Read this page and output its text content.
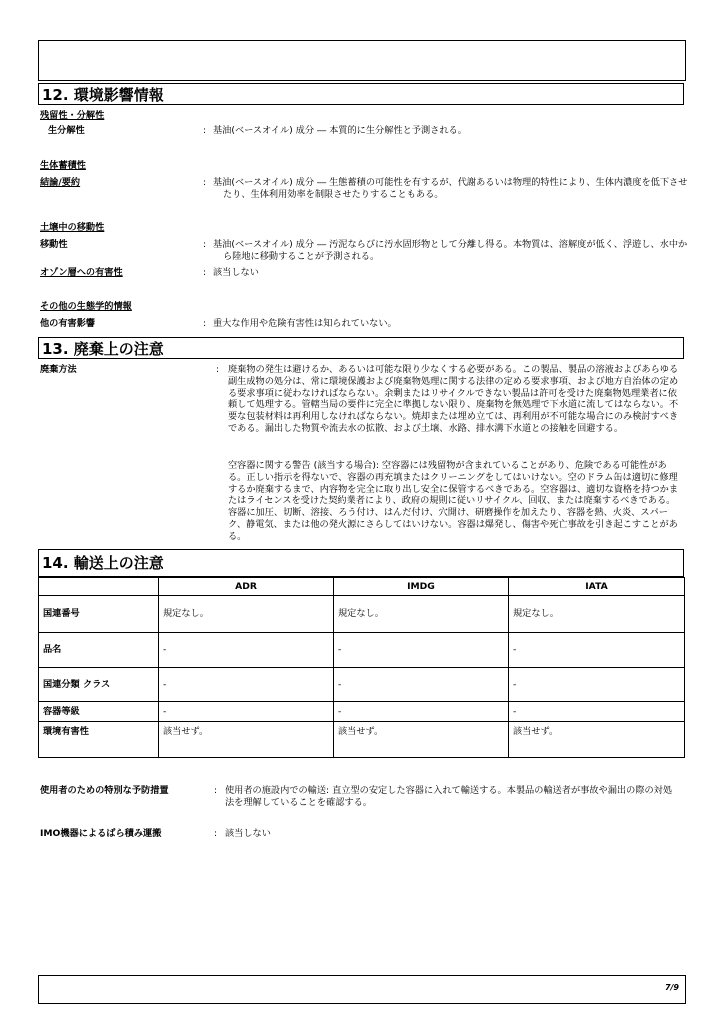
12. 環境影響情報
残留性・分解性
生分解性	: 基油(ベースオイル) 成分 ― 本質的に生分解性と予測される。
生体蓄積性
結論/要約	: 基油(ベースオイル) 成分 ― 生態蓄積の可能性を有するが、代謝あるいは物理的特性により、生体内濃度を低下させたり、生体利用効率を制限させたりすることもある。
土壌中の移動性
移動性	: 基油(ベースオイル) 成分 ― 汚泥ならびに汚水固形物として分離し得る。本物質は、溶解度が低く、浮遊し、水中から陸地に移動することが予測される。
オゾン層への有害性	: 該当しない
その他の生態学的情報
他の有害影響	: 重大な作用や危険有害性は知られていない。
13. 廃棄上の注意
廃棄方法	: 廃棄物の発生は避けるか、あるいは可能な限り少なくする必要がある。この製品、製品の溶液およびあらゆる副生成物の処分は、常に環境保護および廃棄物処理に関する法律の定める要求事項、および地方自治体の定める要求事項に従わなければならない。余剰またはリサイクルできない製品は許可を受けた廃棄物処理業者に依頼して処理する。管轄当局の要件に完全に準拠しない限り、廃棄物を無処理で下水道に流してはならない。不要な包装材料は再利用しなければならない。焼却または埋め立ては、再利用が不可能な場合にのみ検討すべきである。漏出した物質や流去水の拡散、および土壌、水路、排水溝下水道との接触を回避する。
空容器に関する警告 (該当する場合): 空容器には残留物が含まれていることがあり、危険である可能性がある。正しい指示を得ないで、容器の再充填またはクリーニングをしてはいけない。空のドラム缶は適切に修理するか廃棄するまで、内容物を完全に取り出し安全に保管するべきである。空容器は、適切な資格を持つかまたはライセンスを受けた契約業者により、政府の規則に従いリサイクル、回収、または廃棄するべきである。容器に加圧、切断、溶接、ろう付け、はんだ付け、穴開け、研磨操作を加えたり、容器を熱、火炎、スパーク、静電気、または他の発火源にさらしてはいけない。容器は爆発し、傷害や死亡事故を引き起こすことがある。
14. 輸送上の注意
	ADR	IMDG	IATA
国連番号	規定なし。	規定なし。	規定なし。
品名	-	-	-
国連分類 クラス	-	-	-
容器等級	-	-	-
環境有害性	該当せず。	該当せず。	該当せず。
使用者のための特別な予防措置	: 使用者の施設内での輸送: 直立型の安定した容器に入れて輸送する。本製品の輸送者が事故や漏出の際の対処法を理解していることを確認する。
IMO機器によるばら積み運搬	: 該当しない
7/9
